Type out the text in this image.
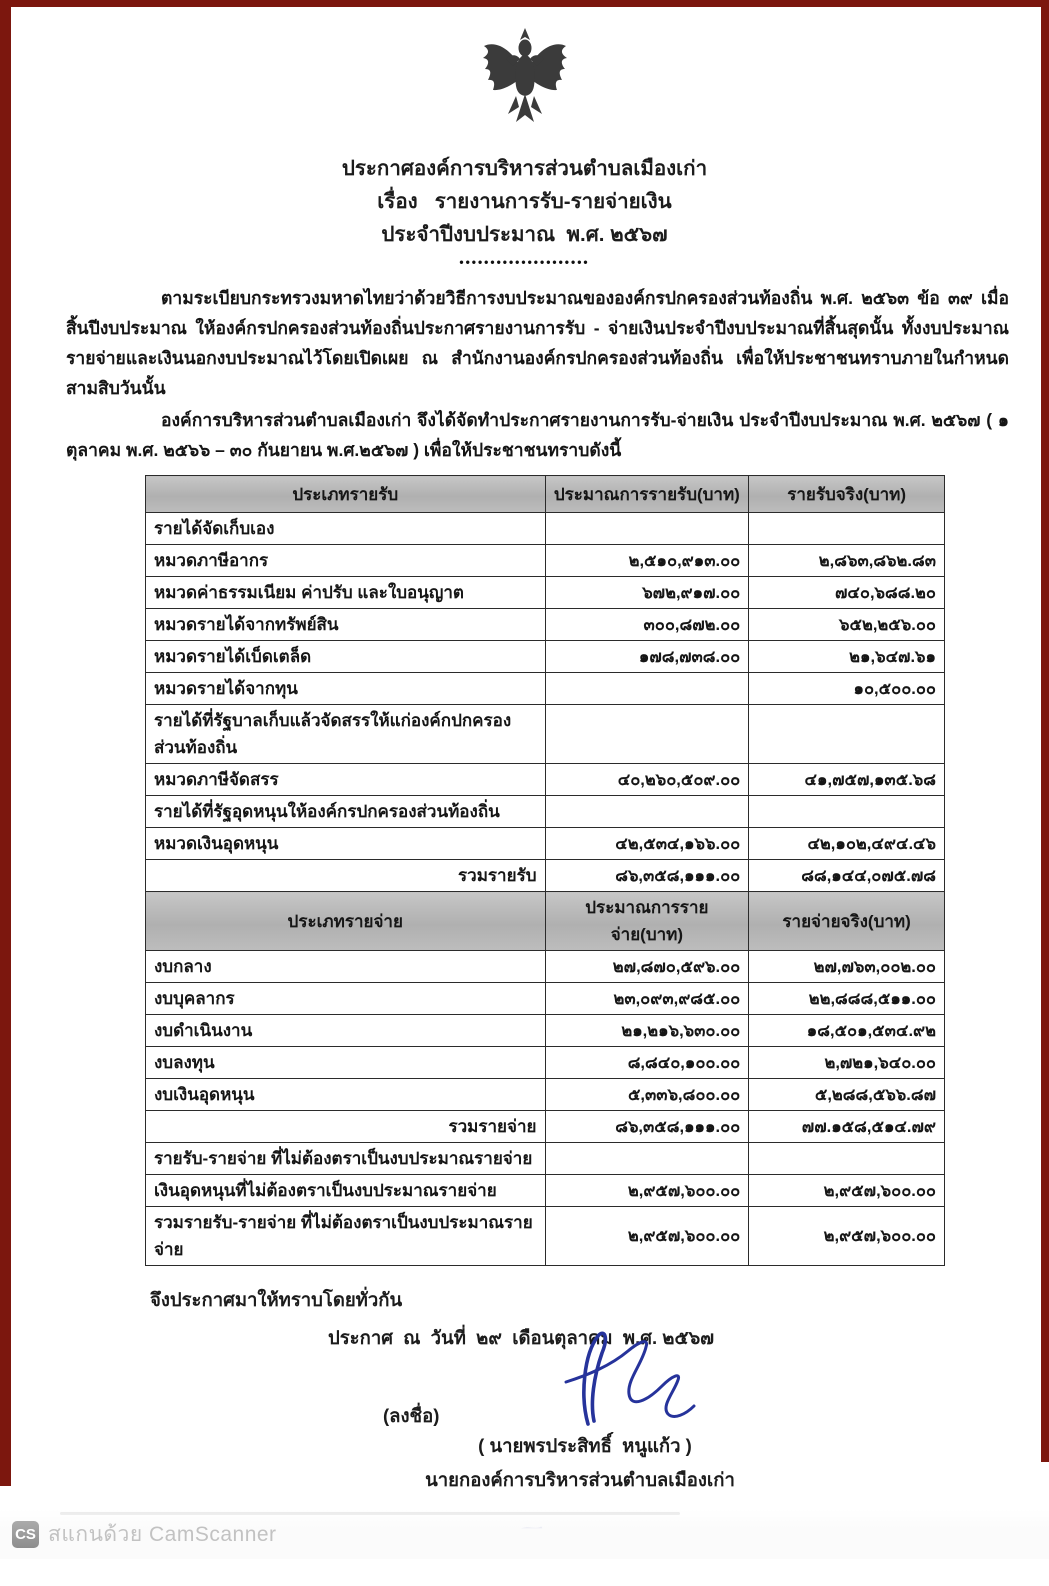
ประกาศองค์การบริหารส่วนตำบลเมืองเก่า
เรื่อง   รายงานการรับ-รายจ่ายเงิน
ประจำปีงบประมาณ  พ.ศ. ๒๕๖๗
•••••••••••••••••••••

ตามระเบียบกระทรวงมหาดไทยว่าด้วยวิธีการงบประมาณขององค์กรปกครองส่วนท้องถิ่น พ.ศ. ๒๕๖๓ ข้อ ๓๙ เมื่อสิ้นปีงบประมาณ ให้องค์กรปกครองส่วนท้องถิ่นประกาศรายงานการรับ - จ่ายเงินประจำปีงบประมาณที่สิ้นสุดนั้น ทั้งงบประมาณรายจ่ายและเงินนอกงบประมาณไว้โดยเปิดเผย ณ สำนักงานองค์กรปกครองส่วนท้องถิ่น เพื่อให้ประชาชนทราบภายในกำหนดสามสิบวันนั้น

องค์การบริหารส่วนตำบลเมืองเก่า จึงได้จัดทำประกาศรายงานการรับ-จ่ายเงิน ประจำปีงบประมาณ พ.ศ. ๒๕๖๗ ( ๑ ตุลาคม พ.ศ. ๒๕๖๖ – ๓๐ กันยายน พ.ศ.๒๕๖๗ ) เพื่อให้ประชาชนทราบดังนี้

ประเภทรายรับ	ประมาณการรายรับ(บาท)	รายรับจริง(บาท)
รายได้จัดเก็บเอง		
หมวดภาษีอากร	๒,๕๑๐,๙๑๓.๐๐	๒,๘๖๓,๘๖๒.๘๓
หมวดค่าธรรมเนียม ค่าปรับ และใบอนุญาต	๖๗๒,๙๑๗.๐๐	๗๔๐,๖๘๘.๒๐
หมวดรายได้จากทรัพย์สิน	๓๐๐,๘๗๒.๐๐	๖๕๒,๒๕๖.๐๐
หมวดรายได้เบ็ดเตล็ด	๑๗๘,๗๓๘.๐๐	๒๑,๖๔๗.๖๑
หมวดรายได้จากทุน		๑๐,๕๐๐.๐๐
รายได้ที่รัฐบาลเก็บแล้วจัดสรรให้แก่องค์กปกครองส่วนท้องถิ่น		
หมวดภาษีจัดสรร	๔๐,๒๖๐,๕๐๙.๐๐	๔๑,๗๕๗,๑๓๕.๖๘
รายได้ที่รัฐอุดหนุนให้องค์กรปกครองส่วนท้องถิ่น		
หมวดเงินอุดหนุน	๔๒,๕๓๔,๑๖๖.๐๐	๔๒,๑๐๒,๔๙๔.๔๖
รวมรายรับ	๘๖,๓๕๘,๑๑๑.๐๐	๘๘,๑๔๔,๐๗๕.๗๘
ประเภทรายจ่าย	ประมาณการรายจ่าย(บาท)	รายจ่ายจริง(บาท)
งบกลาง	๒๗,๘๗๐,๕๙๖.๐๐	๒๗,๗๖๓,๐๐๒.๐๐
งบบุคลากร	๒๓,๐๙๓,๙๘๕.๐๐	๒๒,๘๘๘,๕๑๑.๐๐
งบดำเนินงาน	๒๑,๒๑๖,๖๓๐.๐๐	๑๘,๕๐๑,๕๓๔.๙๒
งบลงทุน	๘,๘๔๐,๑๐๐.๐๐	๒,๗๒๑,๖๔๐.๐๐
งบเงินอุดหนุน	๕,๓๓๖,๘๐๐.๐๐	๕,๒๘๘,๕๖๖.๘๗
รวมรายจ่าย	๘๖,๓๕๘,๑๑๑.๐๐	๗๗.๑๕๘,๕๑๔.๗๙
รายรับ-รายจ่าย ที่ไม่ต้องตราเป็นงบประมาณรายจ่าย		
เงินอุดหนุนที่ไม่ต้องตราเป็นงบประมาณรายจ่าย	๒,๙๕๗,๖๐๐.๐๐	๒,๙๕๗,๖๐๐.๐๐
รวมรายรับ-รายจ่าย ที่ไม่ต้องตราเป็นงบประมาณรายจ่าย	๒,๙๕๗,๖๐๐.๐๐	๒,๙๕๗,๖๐๐.๐๐
จึงประกาศมาให้ทราบโดยทั่วกัน
ประกาศ  ณ  วันที่  ๒๙  เดือนตุลาคม  พ.ศ. ๒๕๖๗
(ลงชื่อ)
( นายพรประสิทธิ์  หนูแก้ว )
นายกองค์การบริหารส่วนตำบลเมืองเก่า
CS สแกนด้วย CamScanner
